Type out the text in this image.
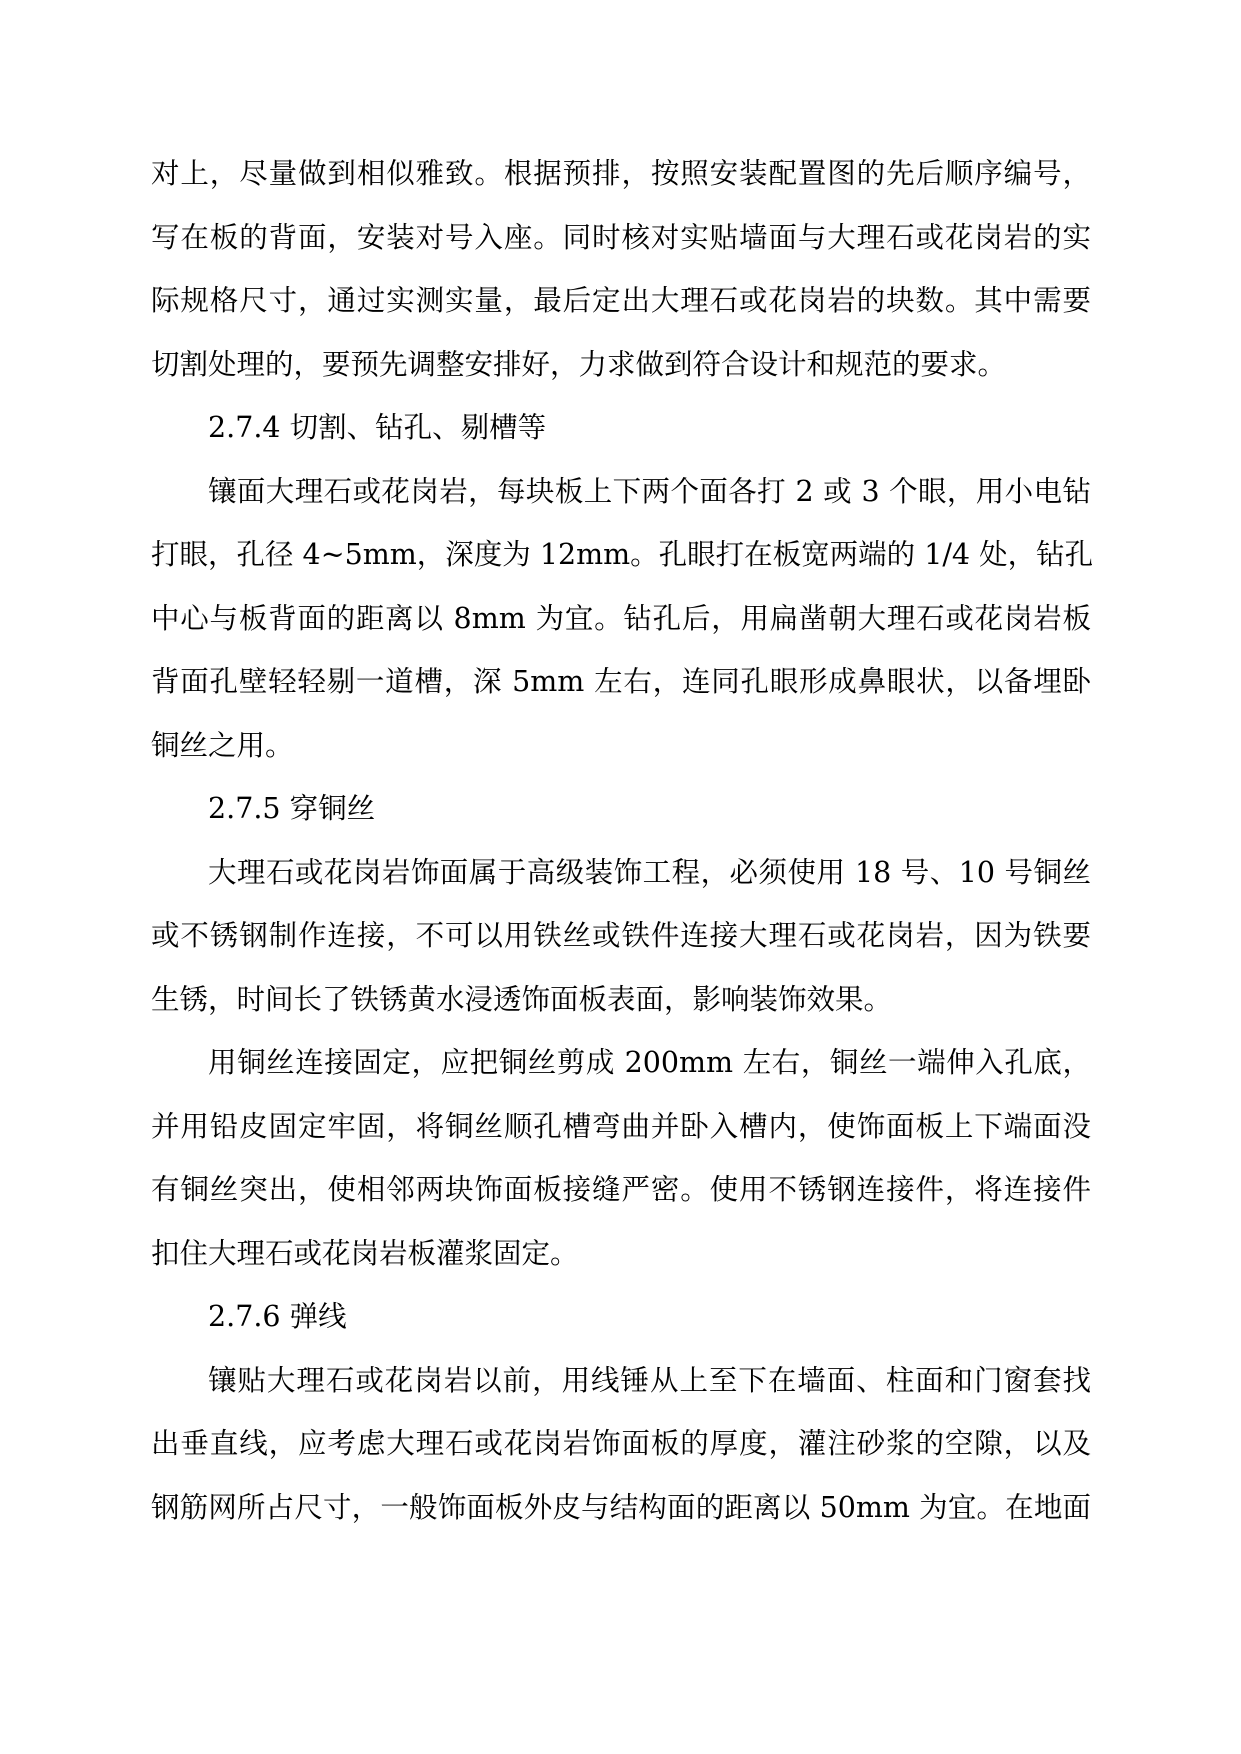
对上，尽量做到相似雅致。根据预排，按照安装配置图的先后顺序编号，
写在板的背面，安装对号入座。同时核对实贴墙面与大理石或花岗岩的实
际规格尺寸，通过实测实量，最后定出大理石或花岗岩的块数。其中需要
切割处理的，要预先调整安排好，力求做到符合设计和规范的要求。
2.7.4 切割、钻孔、剔槽等
镶面大理石或花岗岩，每块板上下两个面各打 2 或 3 个眼，用小电钻
打眼，孔径 4~5mm，深度为 12mm。孔眼打在板宽两端的 1/4 处，钻孔
中心与板背面的距离以 8mm 为宜。钻孔后，用扁凿朝大理石或花岗岩板
背面孔壁轻轻剔一道槽，深 5mm 左右，连同孔眼形成鼻眼状，以备埋卧
铜丝之用。
2.7.5 穿铜丝
大理石或花岗岩饰面属于高级装饰工程，必须使用 18 号、10 号铜丝
或不锈钢制作连接，不可以用铁丝或铁件连接大理石或花岗岩，因为铁要
生锈，时间长了铁锈黄水浸透饰面板表面，影响装饰效果。
用铜丝连接固定，应把铜丝剪成 200mm 左右，铜丝一端伸入孔底，
并用铅皮固定牢固，将铜丝顺孔槽弯曲并卧入槽内，使饰面板上下端面没
有铜丝突出，使相邻两块饰面板接缝严密。使用不锈钢连接件，将连接件
扣住大理石或花岗岩板灌浆固定。
2.7.6 弹线
镶贴大理石或花岗岩以前，用线锤从上至下在墙面、柱面和门窗套找
出垂直线，应考虑大理石或花岗岩饰面板的厚度，灌注砂浆的空隙，以及
钢筋网所占尺寸，一般饰面板外皮与结构面的距离以 50mm 为宜。在地面
